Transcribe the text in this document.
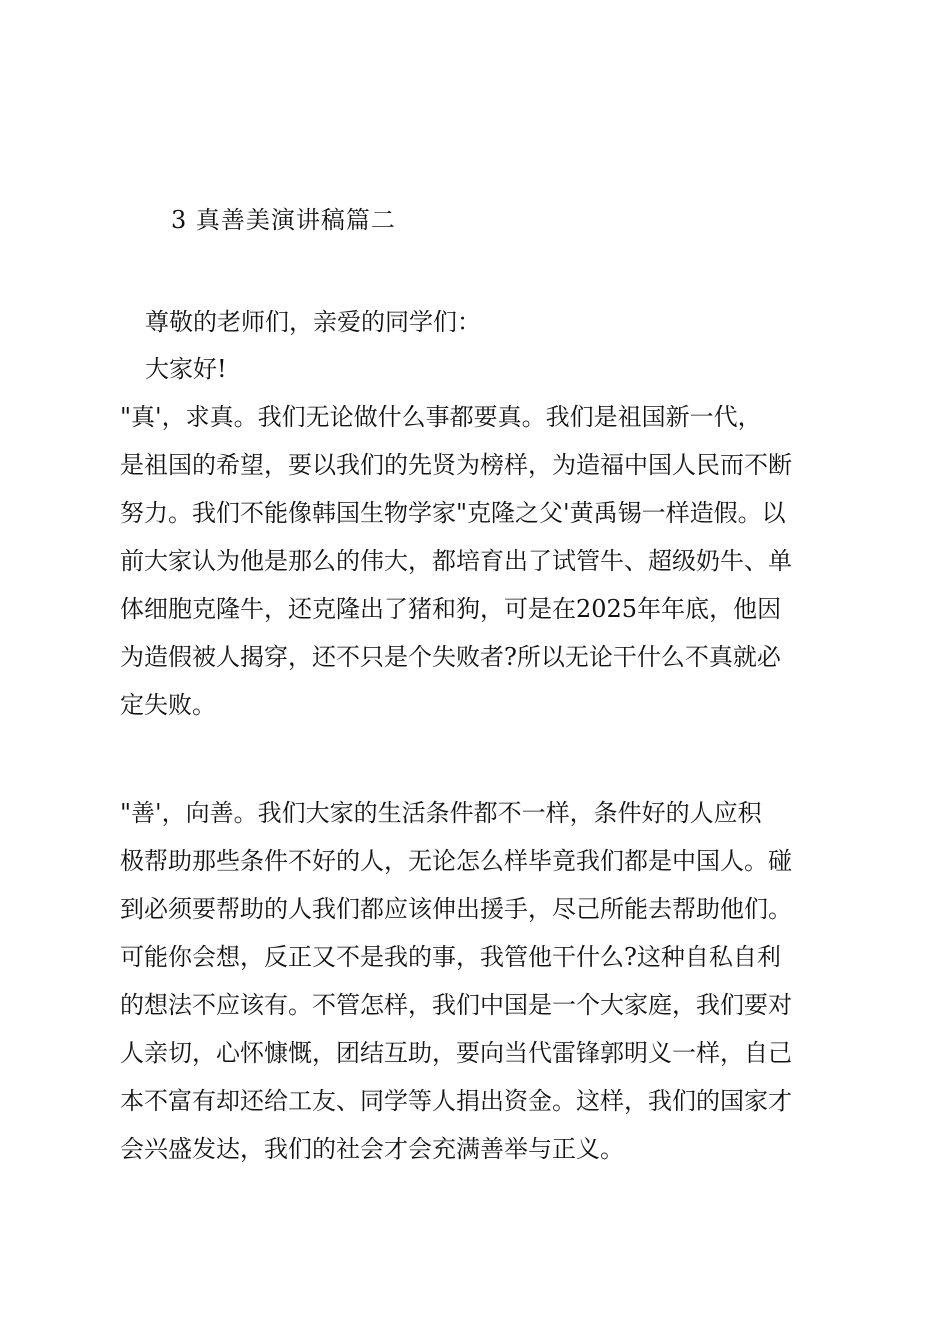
3 真善美演讲稿篇二
尊敬的老师们，亲爱的同学们：
大家好!
"真'，求真。我们无论做什么事都要真。我们是祖国新一代，
是祖国的希望，要以我们的先贤为榜样，为造福中国人民而不断
努力。我们不能像韩国生物学家"克隆之父'黄禹锡一样造假。以
前大家认为他是那么的伟大，都培育出了试管牛、超级奶牛、单
体细胞克隆牛，还克隆出了猪和狗，可是在2025年年底，他因
为造假被人揭穿，还不只是个失败者?所以无论干什么不真就必
定失败。
"善'，向善。我们大家的生活条件都不一样，条件好的人应积
极帮助那些条件不好的人，无论怎么样毕竟我们都是中国人。碰
到必须要帮助的人我们都应该伸出援手，尽己所能去帮助他们。
可能你会想，反正又不是我的事，我管他干什么?这种自私自利
的想法不应该有。不管怎样，我们中国是一个大家庭，我们要对
人亲切，心怀慷慨，团结互助，要向当代雷锋郭明义一样，自己
本不富有却还给工友、同学等人捐出资金。这样，我们的国家才
会兴盛发达，我们的社会才会充满善举与正义。
